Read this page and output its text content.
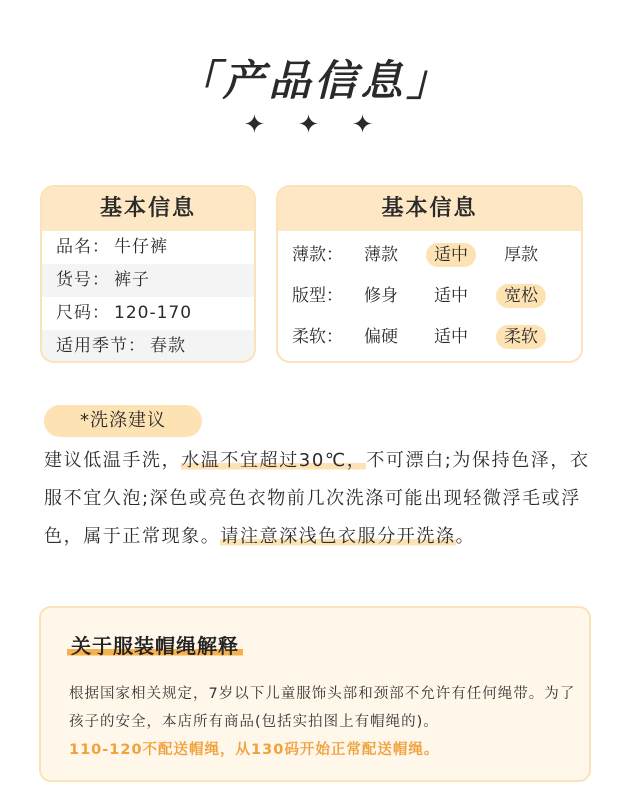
「产品信息」
✦ ✦ ✦
基本信息
品名： 牛仔裤
货号： 裤子
尺码： 120-170
适用季节： 春款
基本信息
薄款：	薄款	适中	厚款
版型：	修身	适中	宽松
柔软：	偏硬	适中	柔软
*洗涤建议
建议低温手洗，水温不宜超过30℃，不可漂白;为保持色泽，衣服不宜久泡;深色或亮色衣物前几次洗涤可能出现轻微浮毛或浮色，属于正常现象。请注意深浅色衣服分开洗涤。
关于服装帽绳解释
根据国家相关规定，7岁以下儿童服饰头部和颈部不允许有任何绳带。为了孩子的安全，本店所有商品(包括实拍图上有帽绳的)。
110-120不配送帽绳，从130码开始正常配送帽绳。
